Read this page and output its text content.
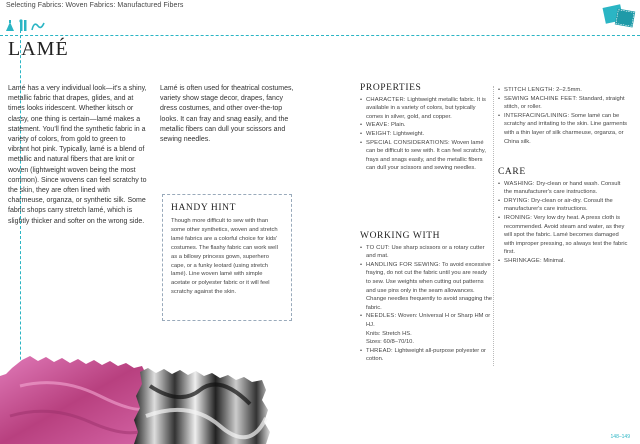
Selecting Fabrics: Woven Fabrics: Manufactured Fibers
LAMÉ
Lamé has a very individual look—it's a shiny, metallic fabric that drapes, glides, and at times looks iridescent. Whether kitsch or classy, one thing is certain—lamé makes a statement. You'll find the synthetic fabric in a variety of colors, from gold to green to vibrant hot pink. Typically, lamé is a blend of metallic and natural fibers that are knit or woven (lightweight woven being the most common). Since wovens can feel scratchy to the skin, they are often lined with charmeuse, organza, or synthetic silk. Some fabric shops carry stretch lamé, which is slightly thicker and softer on the wrong side.
Lamé is often used for theatrical costumes, variety show stage decor, drapes, fancy dress costumes, and other over-the-top looks. It can fray and snag easily, and the metallic fibers can dull your scissors and sewing needles.
HANDY HINT

Though more difficult to sew with than some other synthetics, woven and stretch lamé fabrics are a colorful choice for kids' costumes. The flashy fabric can work well as a billowy princess gown, superhero cape, or a funky leotard (using stretch lamé). Line woven lamé with simple acetate or polyester fabric or it will feel scratchy against the skin.

PROPERTIES
• CHARACTER: Lightweight metallic fabric. It is available in a variety of colors, but typically comes in silver, gold, and copper.
• WEAVE: Plain.
• WEIGHT: Lightweight.
• SPECIAL CONSIDERATIONS: Woven lamé can be difficult to sew with. It can feel scratchy, frays and snags easily, and the metallic fibers can dull your scissors and sewing needles.
WORKING WITH
• TO CUT: Use sharp scissors or a rotary cutter and mat.
• HANDLING FOR SEWING: To avoid excessive fraying, do not cut the fabric until you are ready to sew. Use weights when cutting out patterns and use pins only in the seam allowances. Change needles frequently to avoid snagging the fabric.
• NEEDLES: Woven: Universal H or Sharp HM or HJ.
Knits: Stretch HS.
Sizes: 60/8–70/10.
• THREAD: Lightweight all-purpose polyester or cotton.
• STITCH LENGTH: 2–2.5mm.
• SEWING MACHINE FEET: Standard, straight stitch, or roller.
• INTERFACING/LINING: Some lamé can be scratchy and irritating to the skin. Line garments with a thin layer of silk charmeuse, organza, or China silk.
CARE
• WASHING: Dry-clean or hand wash. Consult the manufacturer's care instructions.
• DRYING: Dry-clean or air-dry. Consult the manufacturer's care instructions.
• IRONING: Very low dry heat. A press cloth is recommended. Avoid steam and water, as they will spot the fabric. Lamé becomes damaged with improper pressing, so always test the fabric first.
• SHRINKAGE: Minimal.
148–149
